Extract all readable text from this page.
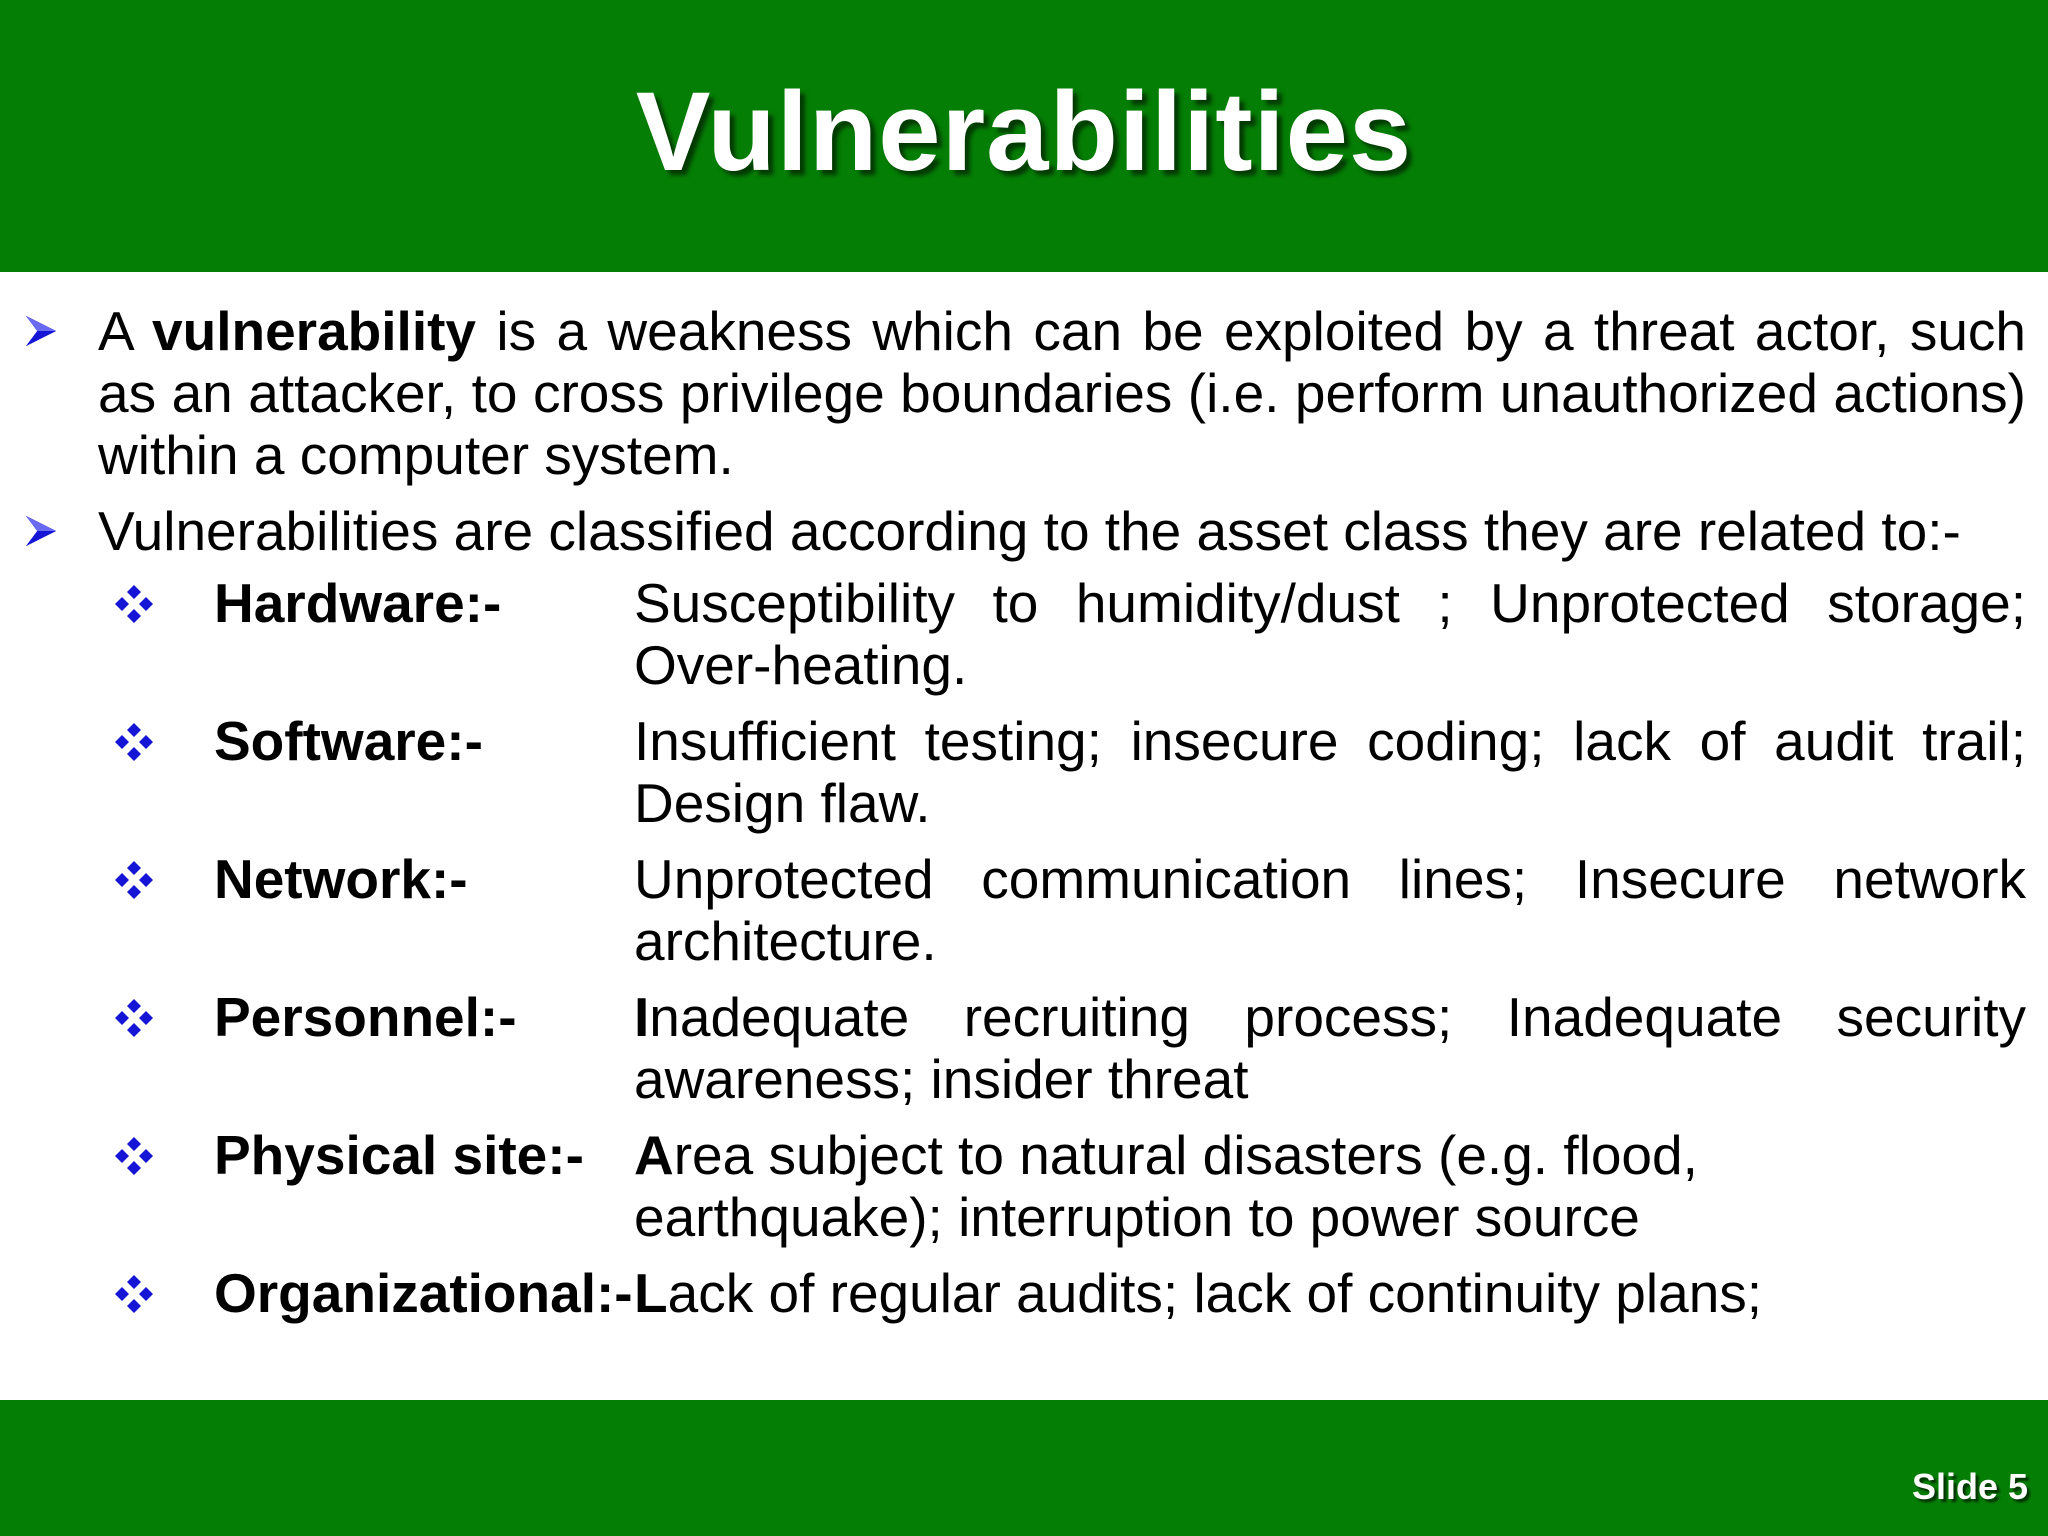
Vulnerabilities
A vulnerability is a weakness which can be exploited by a threat actor, such as an attacker, to cross privilege boundaries (i.e. perform unauthorized actions) within a computer system.
Vulnerabilities are classified according to the asset class they are related to:-
Hardware:-	Susceptibility to humidity/dust ; Unprotected storage; Over-heating.
Software:-	Insufficient testing; insecure coding; lack of audit trail; Design flaw.
Network:-	Unprotected communication lines; Insecure network architecture.
Personnel:-	Inadequate recruiting process; Inadequate security awareness; insider threat
Physical site:- Area subject to natural disasters (e.g. flood, earthquake); interruption to power source
Organizational:- Lack of regular audits; lack of continuity plans;
Slide 5
